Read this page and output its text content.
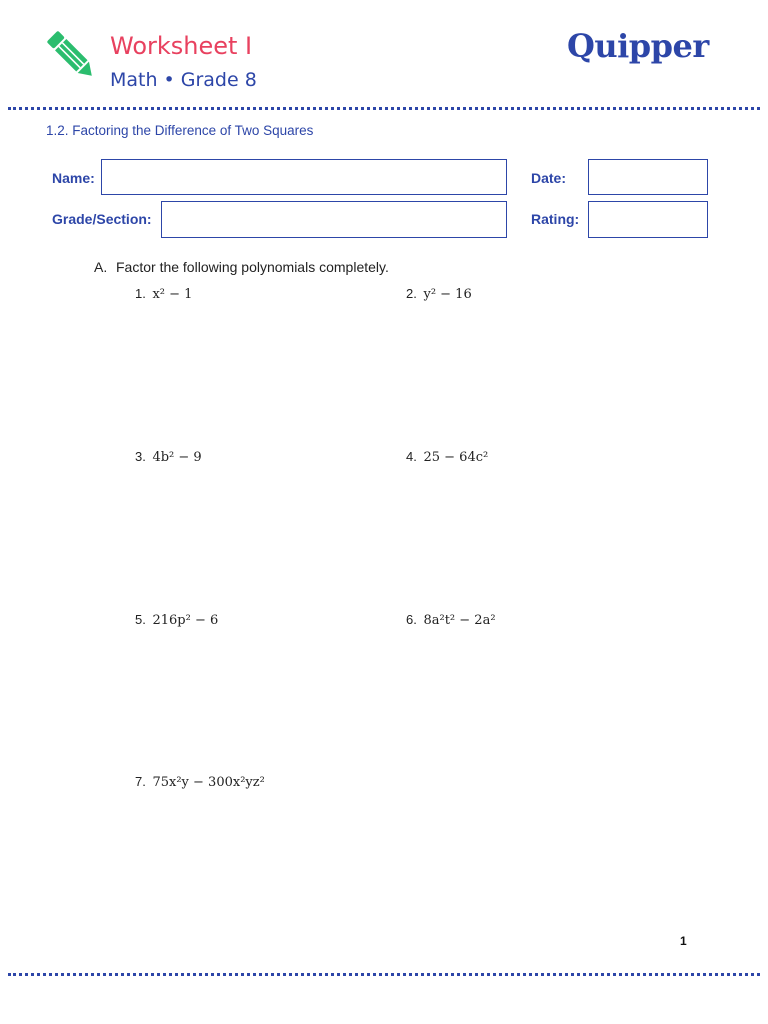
Worksheet I
Math • Grade 8
Quipper
1.2. Factoring the Difference of Two Squares
Name:	Date:
Grade/Section:	Rating:
A. Factor the following polynomials completely.
1. x² − 1	2. y² − 16
3. 4b² − 9	4. 25 − 64c²
5. 216p² − 6	6. 8a²t² − 2a²
7. 75x²y − 300x²yz²
1
